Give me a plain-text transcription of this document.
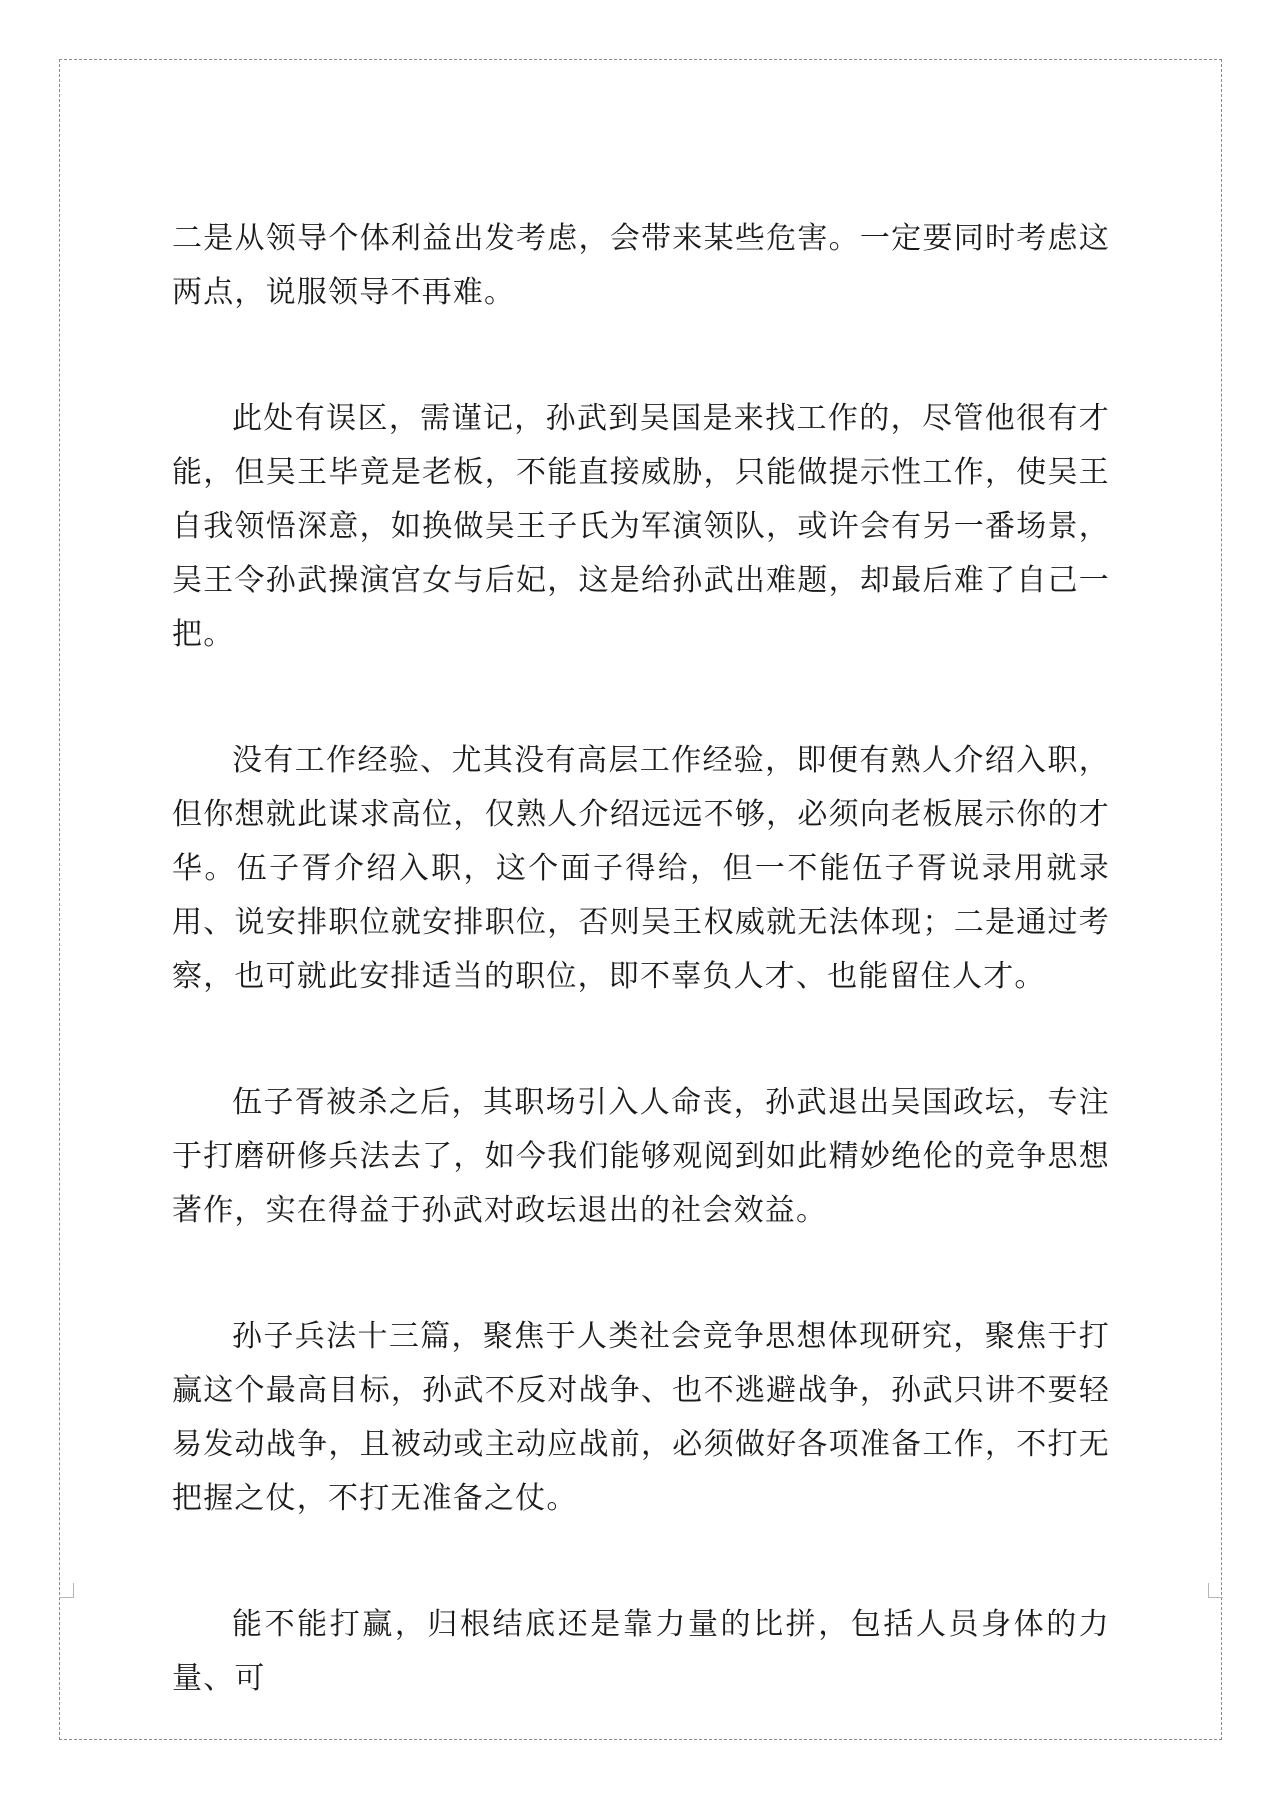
二是从领导个体利益出发考虑，会带来某些危害。一定要同时考虑这两点，说服领导不再难。

此处有误区，需谨记，孙武到吴国是来找工作的，尽管他很有才能，但吴王毕竟是老板，不能直接威胁，只能做提示性工作，使吴王自我领悟深意，如换做吴王子氏为军演领队，或许会有另一番场景，吴王令孙武操演宫女与后妃，这是给孙武出难题，却最后难了自己一把。

没有工作经验、尤其没有高层工作经验，即便有熟人介绍入职，但你想就此谋求高位，仅熟人介绍远远不够，必须向老板展示你的才华。伍子胥介绍入职，这个面子得给，但一不能伍子胥说录用就录用、说安排职位就安排职位，否则吴王权威就无法体现；二是通过考察，也可就此安排适当的职位，即不辜负人才、也能留住人才。

伍子胥被杀之后，其职场引入人命丧，孙武退出吴国政坛，专注于打磨研修兵法去了，如今我们能够观阅到如此精妙绝伦的竞争思想著作，实在得益于孙武对政坛退出的社会效益。

孙子兵法十三篇，聚焦于人类社会竞争思想体现研究，聚焦于打赢这个最高目标，孙武不反对战争、也不逃避战争，孙武只讲不要轻易发动战争，且被动或主动应战前，必须做好各项准备工作，不打无把握之仗，不打无准备之仗。

能不能打赢，归根结底还是靠力量的比拼，包括人员身体的力量、可
